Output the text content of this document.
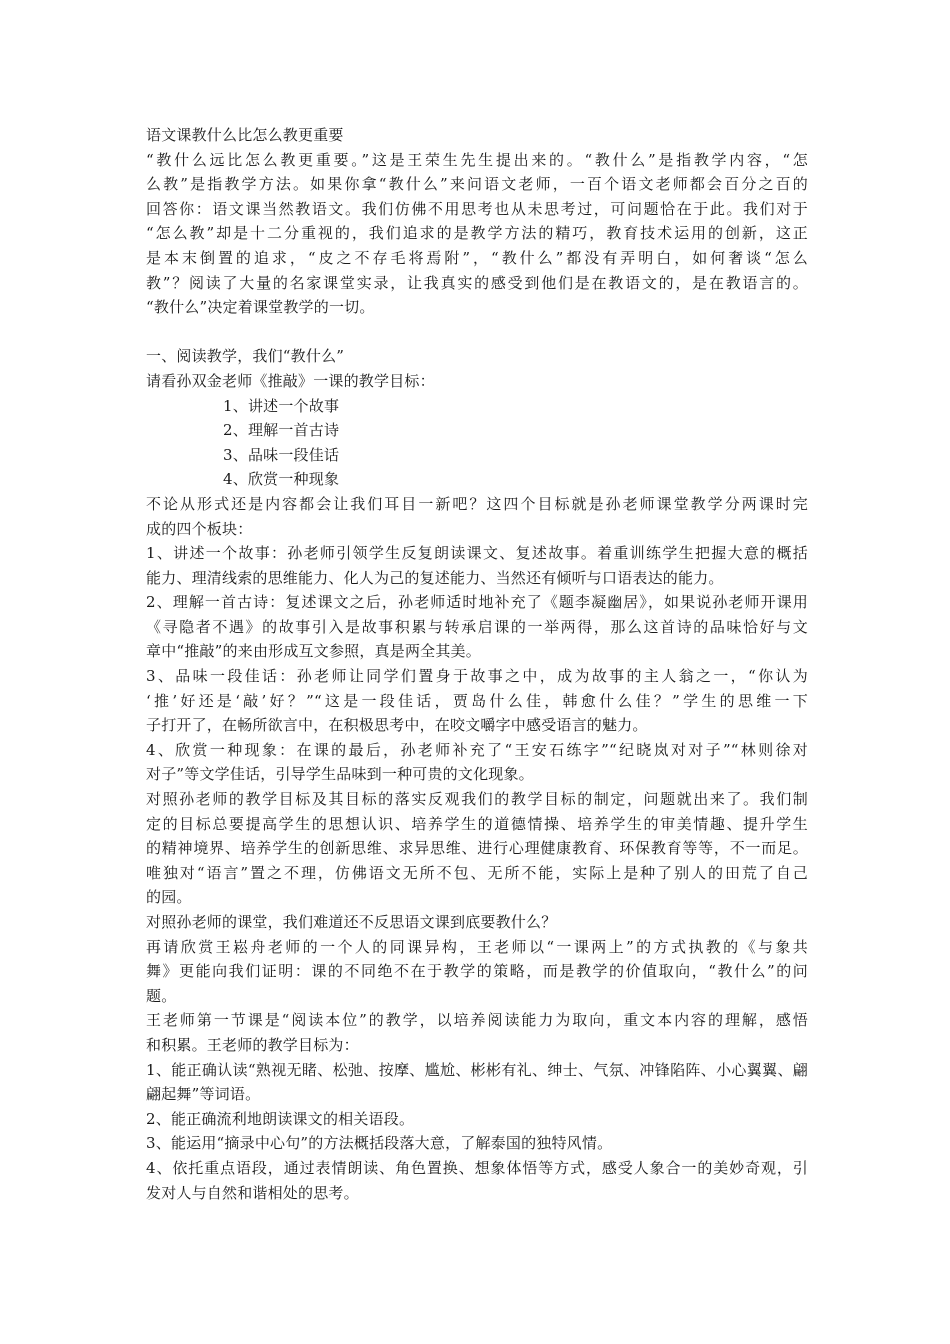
语文课教什么比怎么教更重要
“教什么远比怎么教更重要。”这是王荣生先生提出来的。“教什么”是指教学内容，“怎
么教”是指教学方法。如果你拿“教什么”来问语文老师，一百个语文老师都会百分之百的
回答你：语文课当然教语文。我们仿佛不用思考也从未思考过，可问题恰在于此。我们对于
“怎么教”却是十二分重视的，我们追求的是教学方法的精巧，教育技术运用的创新，这正
是本末倒置的追求，“皮之不存毛将焉附”，“教什么”都没有弄明白，如何奢谈“怎么
教”？阅读了大量的名家课堂实录，让我真实的感受到他们是在教语文的，是在教语言的。
“教什么”决定着课堂教学的一切。
一、阅读教学，我们“教什么”
请看孙双金老师《推敲》一课的教学目标：
1、讲述一个故事
2、理解一首古诗
3、品味一段佳话
4、欣赏一种现象
不论从形式还是内容都会让我们耳目一新吧？这四个目标就是孙老师课堂教学分两课时完
成的四个板块：
1、讲述一个故事：孙老师引领学生反复朗读课文、复述故事。着重训练学生把握大意的概括
能力、理清线索的思维能力、化人为己的复述能力、当然还有倾听与口语表达的能力。
2、理解一首古诗：复述课文之后，孙老师适时地补充了《题李凝幽居》，如果说孙老师开课用
《寻隐者不遇》的故事引入是故事积累与转承启课的一举两得，那么这首诗的品味恰好与文
章中“推敲”的来由形成互文参照，真是两全其美。
3、品味一段佳话：孙老师让同学们置身于故事之中，成为故事的主人翁之一，“你认为
‘推’好还是‘敲’好？”“这是一段佳话，贾岛什么佳，韩愈什么佳？”学生的思维一下
子打开了，在畅所欲言中，在积极思考中，在咬文嚼字中感受语言的魅力。
4、欣赏一种现象：在课的最后，孙老师补充了“王安石练字”“纪晓岚对对子”“林则徐对
对子”等文学佳话，引导学生品味到一种可贵的文化现象。
对照孙老师的教学目标及其目标的落实反观我们的教学目标的制定，问题就出来了。我们制
定的目标总要提高学生的思想认识、培养学生的道德情操、培养学生的审美情趣、提升学生
的精神境界、培养学生的创新思维、求异思维、进行心理健康教育、环保教育等等，不一而足。
唯独对“语言”置之不理，仿佛语文无所不包、无所不能，实际上是种了别人的田荒了自己
的园。
对照孙老师的课堂，我们难道还不反思语文课到底要教什么？
再请欣赏王崧舟老师的一个人的同课异构，王老师以“一课两上”的方式执教的《与象共
舞》更能向我们证明：课的不同绝不在于教学的策略，而是教学的价值取向，“教什么”的问
题。
王老师第一节课是“阅读本位”的教学，以培养阅读能力为取向，重文本内容的理解，感悟
和积累。王老师的教学目标为：
1、能正确认读“熟视无睹、松弛、按摩、尴尬、彬彬有礼、绅士、气氛、冲锋陷阵、小心翼翼、翩
翩起舞”等词语。
2、能正确流利地朗读课文的相关语段。
3、能运用“摘录中心句”的方法概括段落大意，了解泰国的独特风情。
4、依托重点语段，通过表情朗读、角色置换、想象体悟等方式，感受人象合一的美妙奇观，引
发对人与自然和谐相处的思考。
